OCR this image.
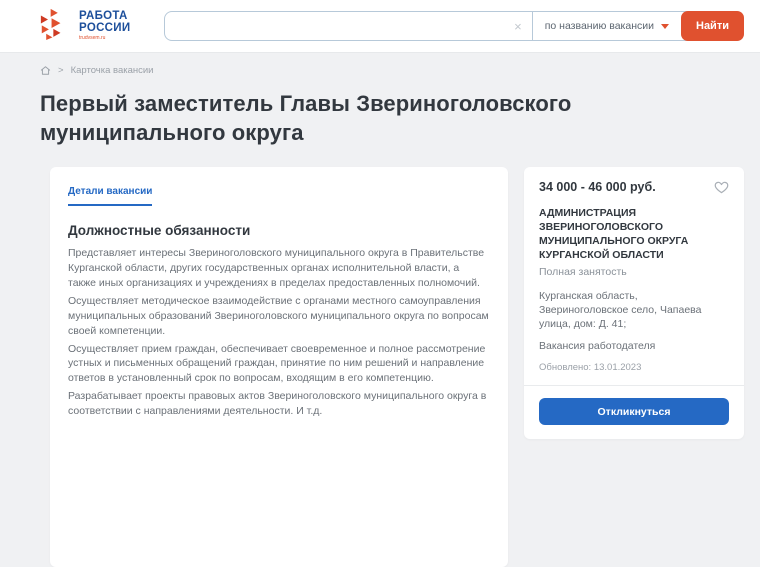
РАБОТА
РОССИИ
trudvsem.ru
×	по названию вакансии	Найти
> Карточка вакансии
Первый заместитель Главы Звериноголовского муниципального округа
Детали вакансии
Должностные обязанности

Представляет интересы Звериноголовского муниципального округа в Правительстве Курганской области, других государственных органах исполнительной власти, а также иных организациях и учреждениях в пределах предоставленных полномочий.

Осуществляет методическое взаимодействие с органами местного самоуправления муниципальных образований Звериноголовского муниципального округа по вопросам своей компетенции.

Осуществляет прием граждан, обеспечивает своевременное и полное рассмотрение устных и письменных обращений граждан, принятие по ним решений и направление ответов в установленный срок по вопросам, входящим в его компетенцию.

Разрабатывает проекты правовых актов Звериноголовского муниципального округа в соответствии с направлениями деятельности. И т.д.

34 000 - 46 000 руб.
АДМИНИСТРАЦИЯ ЗВЕРИНОГОЛОВСКОГО МУНИЦИПАЛЬНОГО ОКРУГА КУРГАНСКОЙ ОБЛАСТИ
Полная занятость
Курганская область, Звериноголовское село, Чапаева улица, дом: Д. 41;
Вакансия работодателя
Обновлено: 13.01.2023
Откликнуться
